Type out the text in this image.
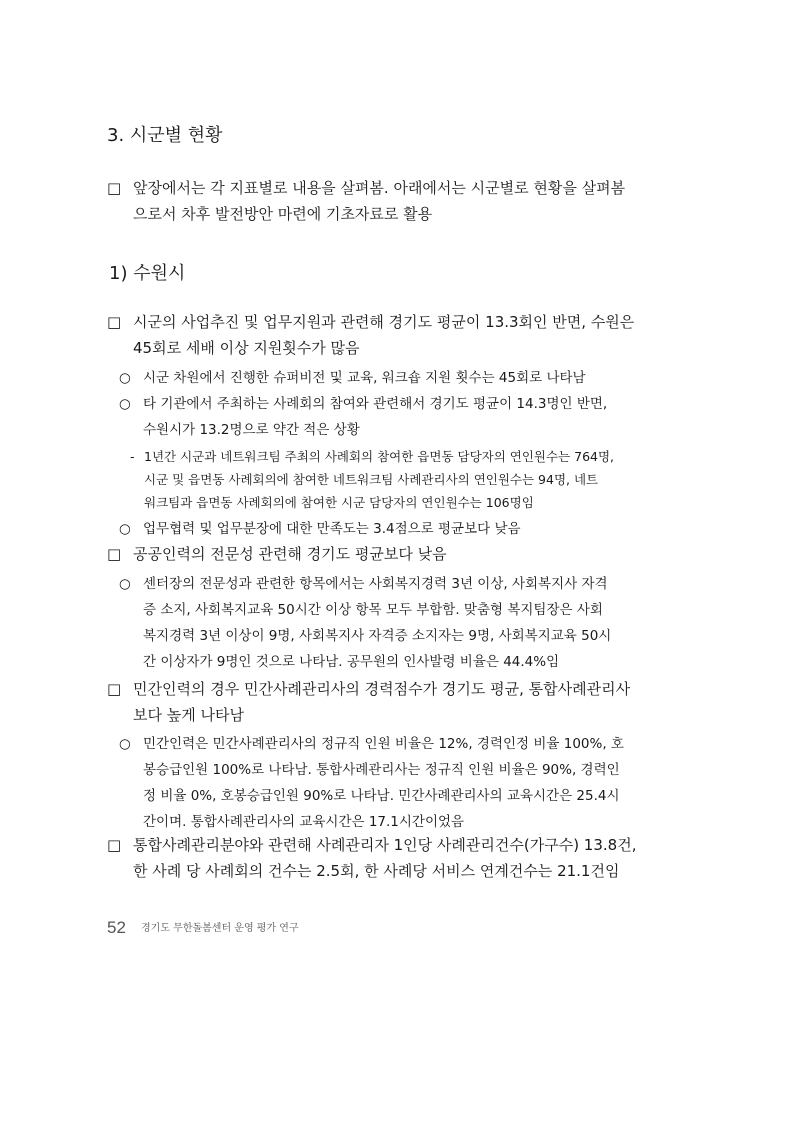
3. 시군별 현황
□ 앞장에서는 각 지표별로 내용을 살펴봄. 아래에서는 시군별로 현황을 살펴봄
으로서 차후 발전방안 마련에 기초자료로 활용
1) 수원시
□ 시군의 사업추진 및 업무지원과 관련해 경기도 평균이 13.3회인 반면, 수원은
45회로 세배 이상 지원횟수가 많음
○ 시군 차원에서 진행한 슈퍼비전 및 교육, 워크숍 지원 횟수는 45회로 나타남
○ 타 기관에서 주최하는 사례회의 참여와 관련해서 경기도 평균이 14.3명인 반면,
수원시가 13.2명으로 약간 적은 상황
- 1년간 시군과 네트워크팀 주최의 사례회의 참여한 읍면동 담당자의 연인원수는 764명,
시군 및 읍면동 사례회의에 참여한 네트워크팀 사례관리사의 연인원수는 94명, 네트
워크팀과 읍면동 사례회의에 참여한 시군 담당자의 연인원수는 106명임
○ 업무협력 및 업무분장에 대한 만족도는 3.4점으로 평균보다 낮음
□ 공공인력의 전문성 관련해 경기도 평균보다 낮음
○ 센터장의 전문성과 관련한 항목에서는 사회복지경력 3년 이상, 사회복지사 자격
증 소지, 사회복지교육 50시간 이상 항목 모두 부합함. 맞춤형 복지팀장은 사회
복지경력 3년 이상이 9명, 사회복지사 자격증 소지자는 9명, 사회복지교육 50시
간 이상자가 9명인 것으로 나타남. 공무원의 인사발령 비율은 44.4%임
□ 민간인력의 경우 민간사례관리사의 경력점수가 경기도 평균, 통합사례관리사
보다 높게 나타남
○ 민간인력은 민간사례관리사의 정규직 인원 비율은 12%, 경력인정 비율 100%, 호
봉승급인원 100%로 나타남. 통합사례관리사는 정규직 인원 비율은 90%, 경력인
정 비율 0%, 호봉승급인원 90%로 나타남. 민간사례관리사의 교육시간은 25.4시
간이며. 통합사례관리사의 교육시간은 17.1시간이었음
□ 통합사례관리분야와 관련해 사례관리자 1인당 사례관리건수(가구수) 13.8건,
한 사례 당 사례회의 건수는 2.5회, 한 사례당 서비스 연계건수는 21.1건임
52 경기도 무한돌봄센터 운영 평가 연구
